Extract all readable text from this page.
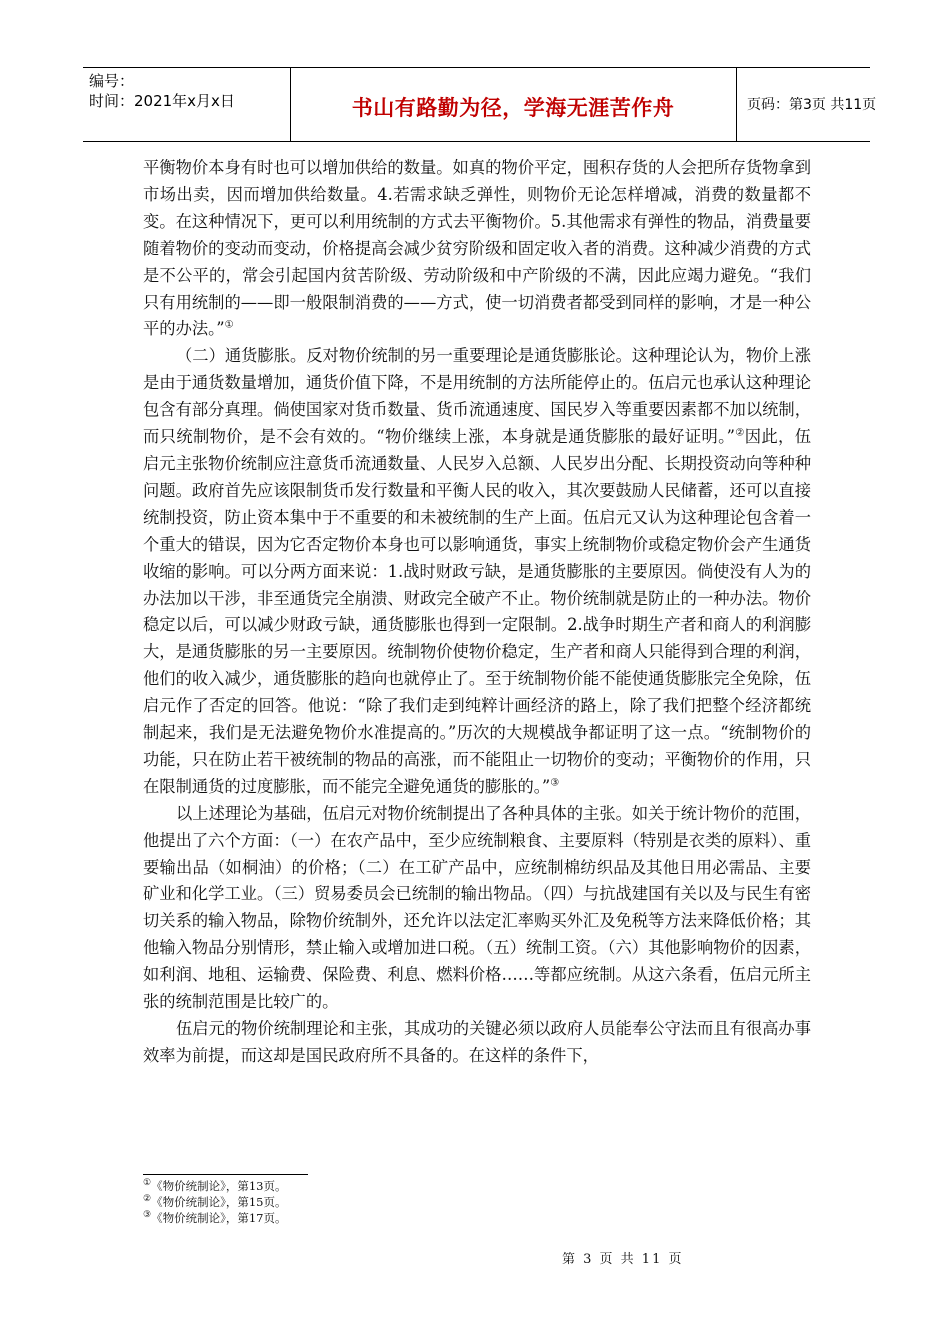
编号：
时间：2021年x月x日	书山有路勤为径，学海无涯苦作舟	页码：第3页 共11页

平衡物价本身有时也可以增加供给的数量。如真的物价平定，囤积存货的人会把所存货物拿到市场出卖，因而增加供给数量。4.若需求缺乏弹性，则物价无论怎样增减，消费的数量都不变。在这种情况下，更可以利用统制的方式去平衡物价。5.其他需求有弹性的物品，消费量要随着物价的变动而变动，价格提高会减少贫穷阶级和固定收入者的消费。这种减少消费的方式是不公平的，常会引起国内贫苦阶级、劳动阶级和中产阶级的不满，因此应竭力避免。“我们只有用统制的——即一般限制消费的——方式，使一切消费者都受到同样的影响，才是一种公平的办法。”①

（二）通货膨胀。反对物价统制的另一重要理论是通货膨胀论。这种理论认为，物价上涨是由于通货数量增加，通货价值下降，不是用统制的方法所能停止的。伍启元也承认这种理论包含有部分真理。倘使国家对货币数量、货币流通速度、国民岁入等重要因素都不加以统制，而只统制物价，是不会有效的。“物价继续上涨，本身就是通货膨胀的最好证明。”②因此，伍启元主张物价统制应注意货币流通数量、人民岁入总额、人民岁出分配、长期投资动向等种种问题。政府首先应该限制货币发行数量和平衡人民的收入，其次要鼓励人民储蓄，还可以直接统制投资，防止资本集中于不重要的和未被统制的生产上面。伍启元又认为这种理论包含着一个重大的错误，因为它否定物价本身也可以影响通货，事实上统制物价或稳定物价会产生通货收缩的影响。可以分两方面来说：1.战时财政亏缺，是通货膨胀的主要原因。倘使没有人为的办法加以干涉，非至通货完全崩溃、财政完全破产不止。物价统制就是防止的一种办法。物价稳定以后，可以减少财政亏缺，通货膨胀也得到一定限制。2.战争时期生产者和商人的利润膨大，是通货膨胀的另一主要原因。统制物价使物价稳定，生产者和商人只能得到合理的利润，他们的收入减少，通货膨胀的趋向也就停止了。至于统制物价能不能使通货膨胀完全免除，伍启元作了否定的回答。他说：“除了我们走到纯粹计画经济的路上，除了我们把整个经济都统制起来，我们是无法避免物价水准提高的。”历次的大规模战争都证明了这一点。“统制物价的功能，只在防止若干被统制的物品的高涨，而不能阻止一切物价的变动；平衡物价的作用，只在限制通货的过度膨胀，而不能完全避免通货的膨胀的。”③

以上述理论为基础，伍启元对物价统制提出了各种具体的主张。如关于统计物价的范围，他提出了六个方面：（一）在农产品中，至少应统制粮食、主要原料（特别是衣类的原料）、重要输出品（如桐油）的价格；（二）在工矿产品中，应统制棉纺织品及其他日用必需品、主要矿业和化学工业。（三）贸易委员会已统制的输出物品。（四）与抗战建国有关以及与民生有密切关系的输入物品，除物价统制外，还允许以法定汇率购买外汇及免税等方法来降低价格；其他输入物品分别情形，禁止输入或增加进口税。（五）统制工资。（六）其他影响物价的因素，如利润、地租、运输费、保险费、利息、燃料价格……等都应统制。从这六条看，伍启元所主张的统制范围是比较广的。

伍启元的物价统制理论和主张，其成功的关键必须以政府人员能奉公守法而且有很高办事效率为前提，而这却是国民政府所不具备的。在这样的条件下，

①《物价统制论》，第13页。
②《物价统制论》，第15页。
③《物价统制论》，第17页。
第 3 页 共 11 页
